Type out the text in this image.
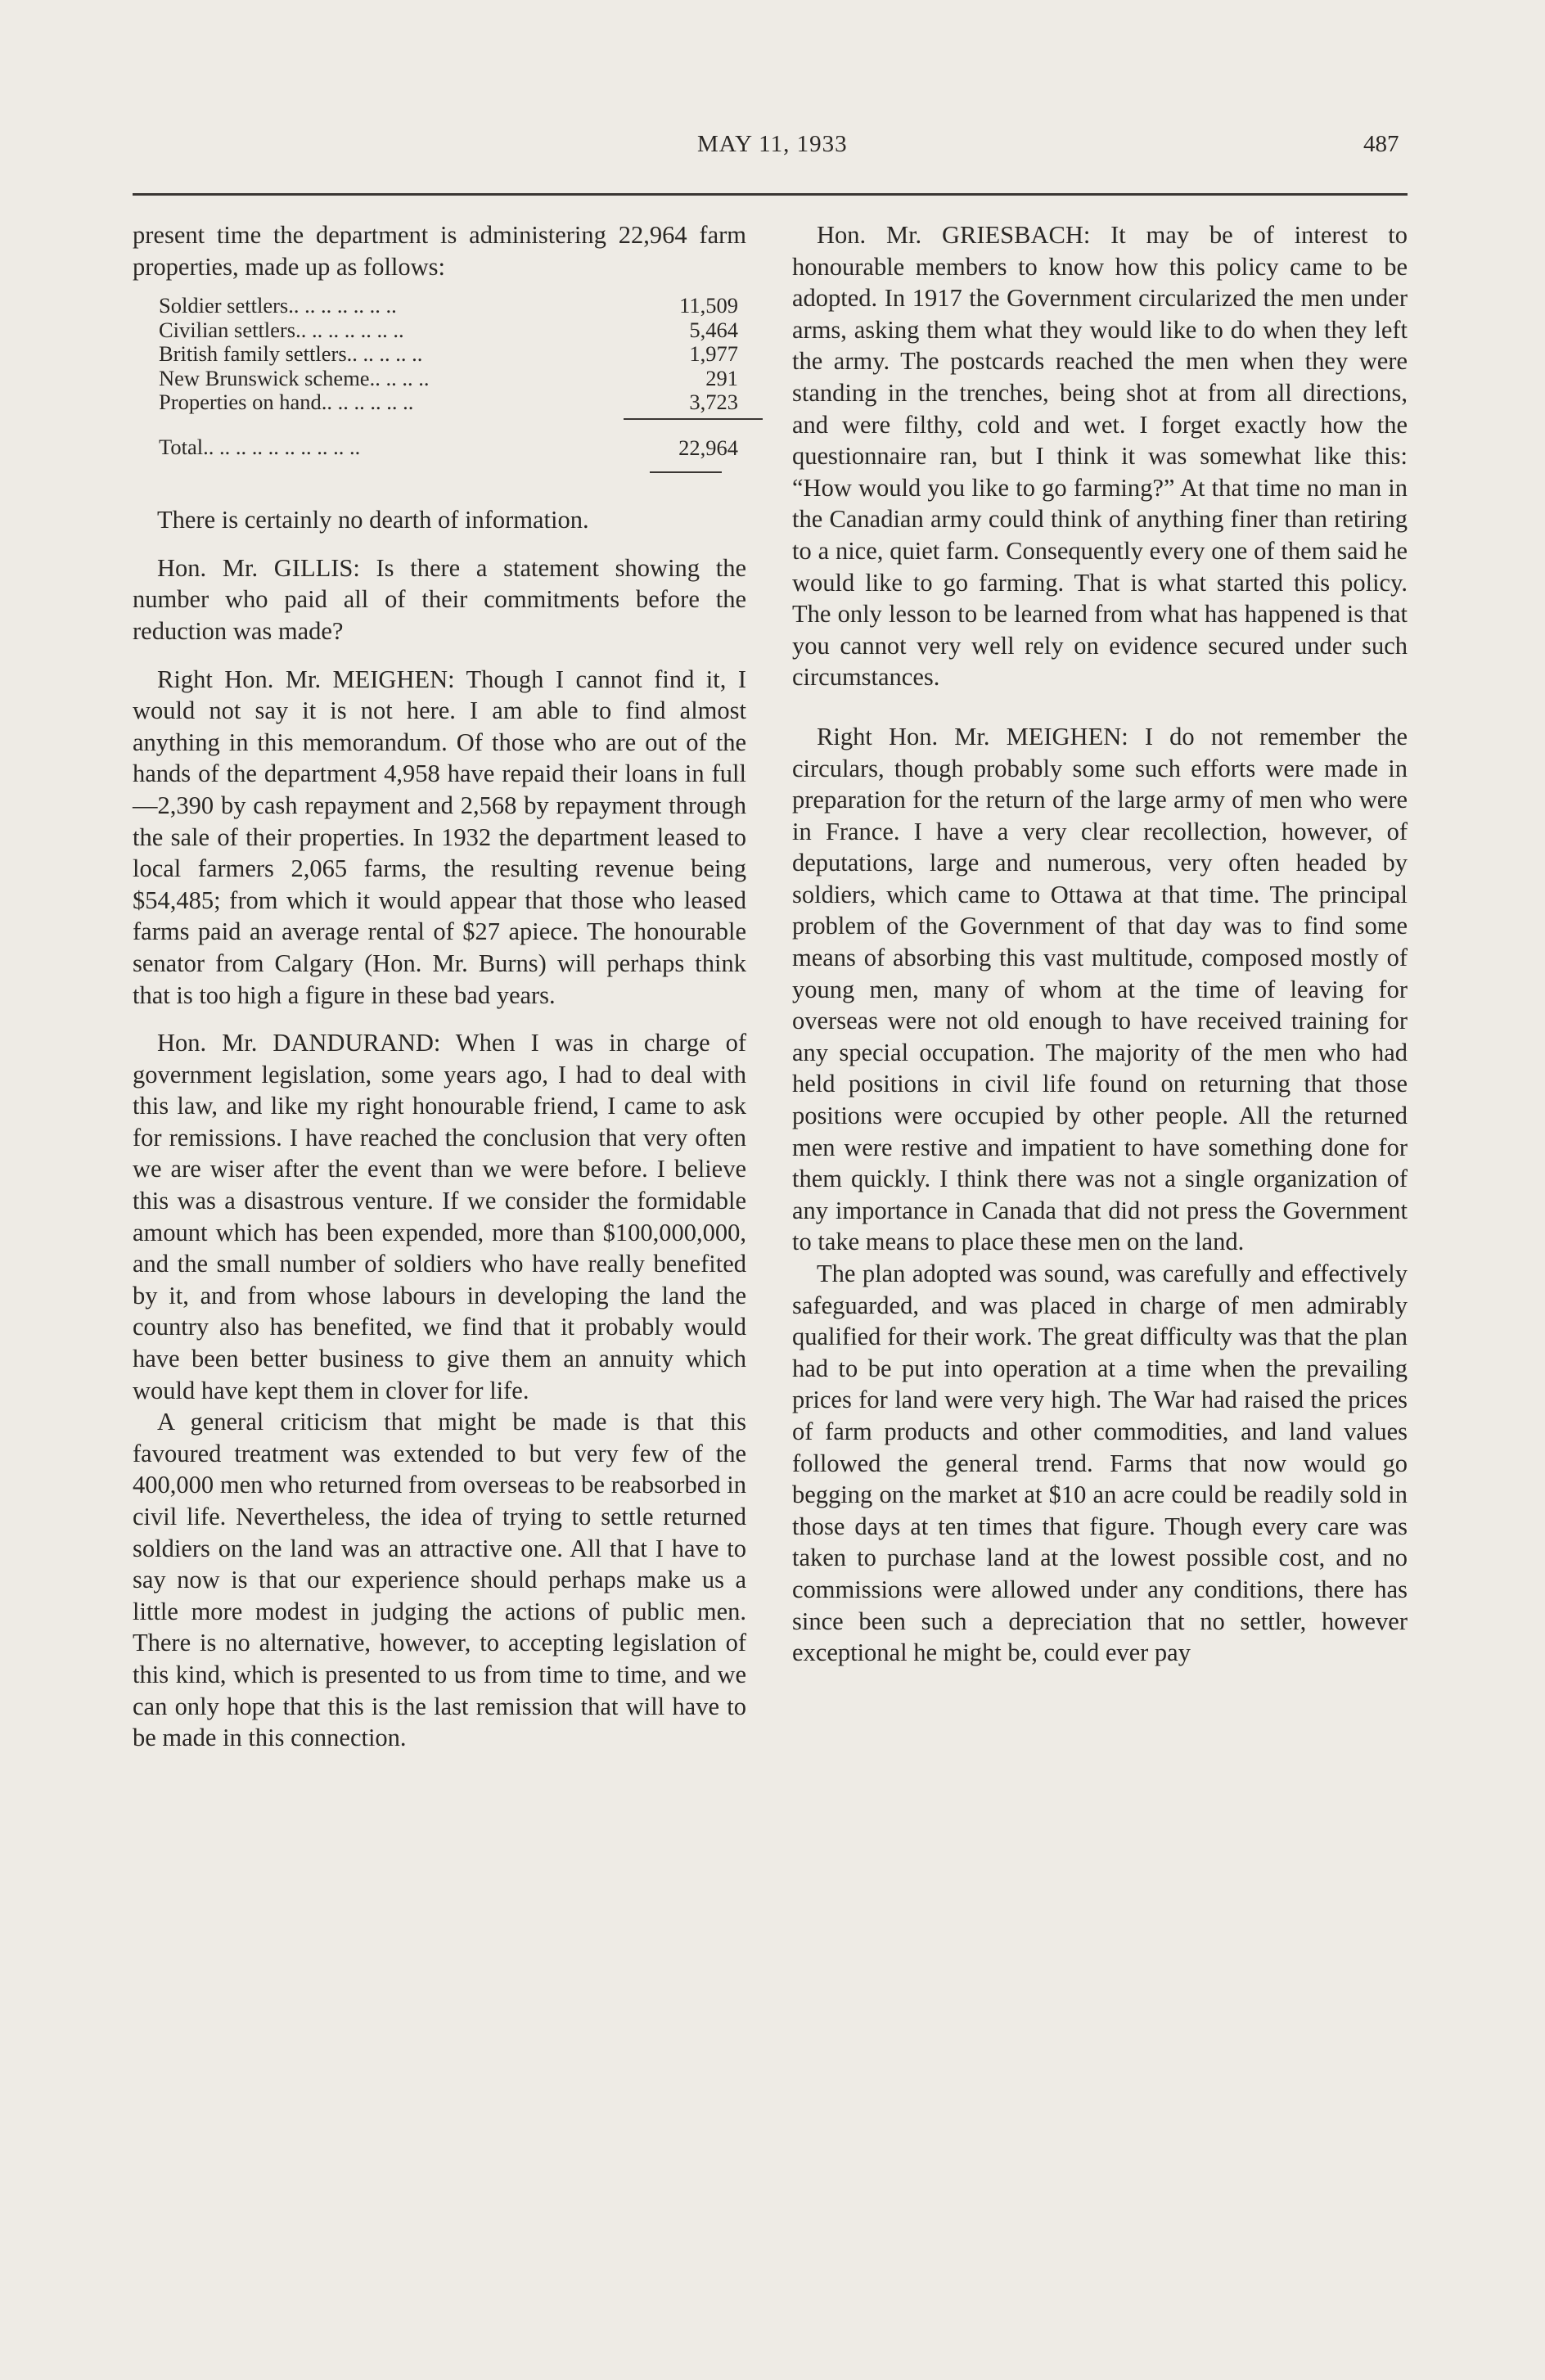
MAY 11, 1933	487

present time the department is administering 22,964 farm properties, made up as follows:

Soldier settlers.. .. .. .. .. .. ..	11,509
Civilian settlers.. .. .. .. .. .. ..	5,464
British family settlers.. .. .. .. ..	1,977
New Brunswick scheme.. .. .. ..	291
Properties on hand.. .. .. .. .. ..	3,723
Total.. .. .. .. .. .. .. .. .. ..	22,964

There is certainly no dearth of information.

Hon. Mr. GILLIS: Is there a statement showing the number who paid all of their commitments before the reduction was made?

Right Hon. Mr. MEIGHEN: Though I cannot find it, I would not say it is not here. I am able to find almost anything in this memorandum. Of those who are out of the hands of the department 4,958 have repaid their loans in full—2,390 by cash repayment and 2,568 by repayment through the sale of their properties. In 1932 the department leased to local farmers 2,065 farms, the resulting revenue being $54,485; from which it would appear that those who leased farms paid an average rental of $27 apiece. The honourable senator from Calgary (Hon. Mr. Burns) will perhaps think that is too high a figure in these bad years.

Hon. Mr. DANDURAND: When I was in charge of government legislation, some years ago, I had to deal with this law, and like my right honourable friend, I came to ask for remissions. I have reached the conclusion that very often we are wiser after the event than we were before. I believe this was a disastrous venture. If we consider the formidable amount which has been expended, more than $100,000,000, and the small number of soldiers who have really benefited by it, and from whose labours in developing the land the country also has benefited, we find that it probably would have been better business to give them an annuity which would have kept them in clover for life.

A general criticism that might be made is that this favoured treatment was extended to but very few of the 400,000 men who returned from overseas to be reabsorbed in civil life. Nevertheless, the idea of trying to settle returned soldiers on the land was an attractive one. All that I have to say now is that our experience should perhaps make us a little more modest in judging the actions of public men. There is no alternative, however, to accepting legislation of this kind, which is presented to us from time to time, and we can only hope that this is the last remission that will have to be made in this connection.

Hon. Mr. GRIESBACH: It may be of interest to honourable members to know how this policy came to be adopted. In 1917 the Government circularized the men under arms, asking them what they would like to do when they left the army. The postcards reached the men when they were standing in the trenches, being shot at from all directions, and were filthy, cold and wet. I forget exactly how the questionnaire ran, but I think it was somewhat like this: “How would you like to go farming?” At that time no man in the Canadian army could think of anything finer than retiring to a nice, quiet farm. Consequently every one of them said he would like to go farming. That is what started this policy. The only lesson to be learned from what has happened is that you cannot very well rely on evidence secured under such circumstances.

Right Hon. Mr. MEIGHEN: I do not remember the circulars, though probably some such efforts were made in preparation for the return of the large army of men who were in France. I have a very clear recollection, however, of deputations, large and numerous, very often headed by soldiers, which came to Ottawa at that time. The principal problem of the Government of that day was to find some means of absorbing this vast multitude, composed mostly of young men, many of whom at the time of leaving for overseas were not old enough to have received training for any special occupation. The majority of the men who had held positions in civil life found on returning that those positions were occupied by other people. All the returned men were restive and impatient to have something done for them quickly. I think there was not a single organization of any importance in Canada that did not press the Government to take means to place these men on the land.

The plan adopted was sound, was carefully and effectively safeguarded, and was placed in charge of men admirably qualified for their work. The great difficulty was that the plan had to be put into operation at a time when the prevailing prices for land were very high. The War had raised the prices of farm products and other commodities, and land values followed the general trend. Farms that now would go begging on the market at $10 an acre could be readily sold in those days at ten times that figure. Though every care was taken to purchase land at the lowest possible cost, and no commissions were allowed under any conditions, there has since been such a depreciation that no settler, however exceptional he might be, could ever pay
